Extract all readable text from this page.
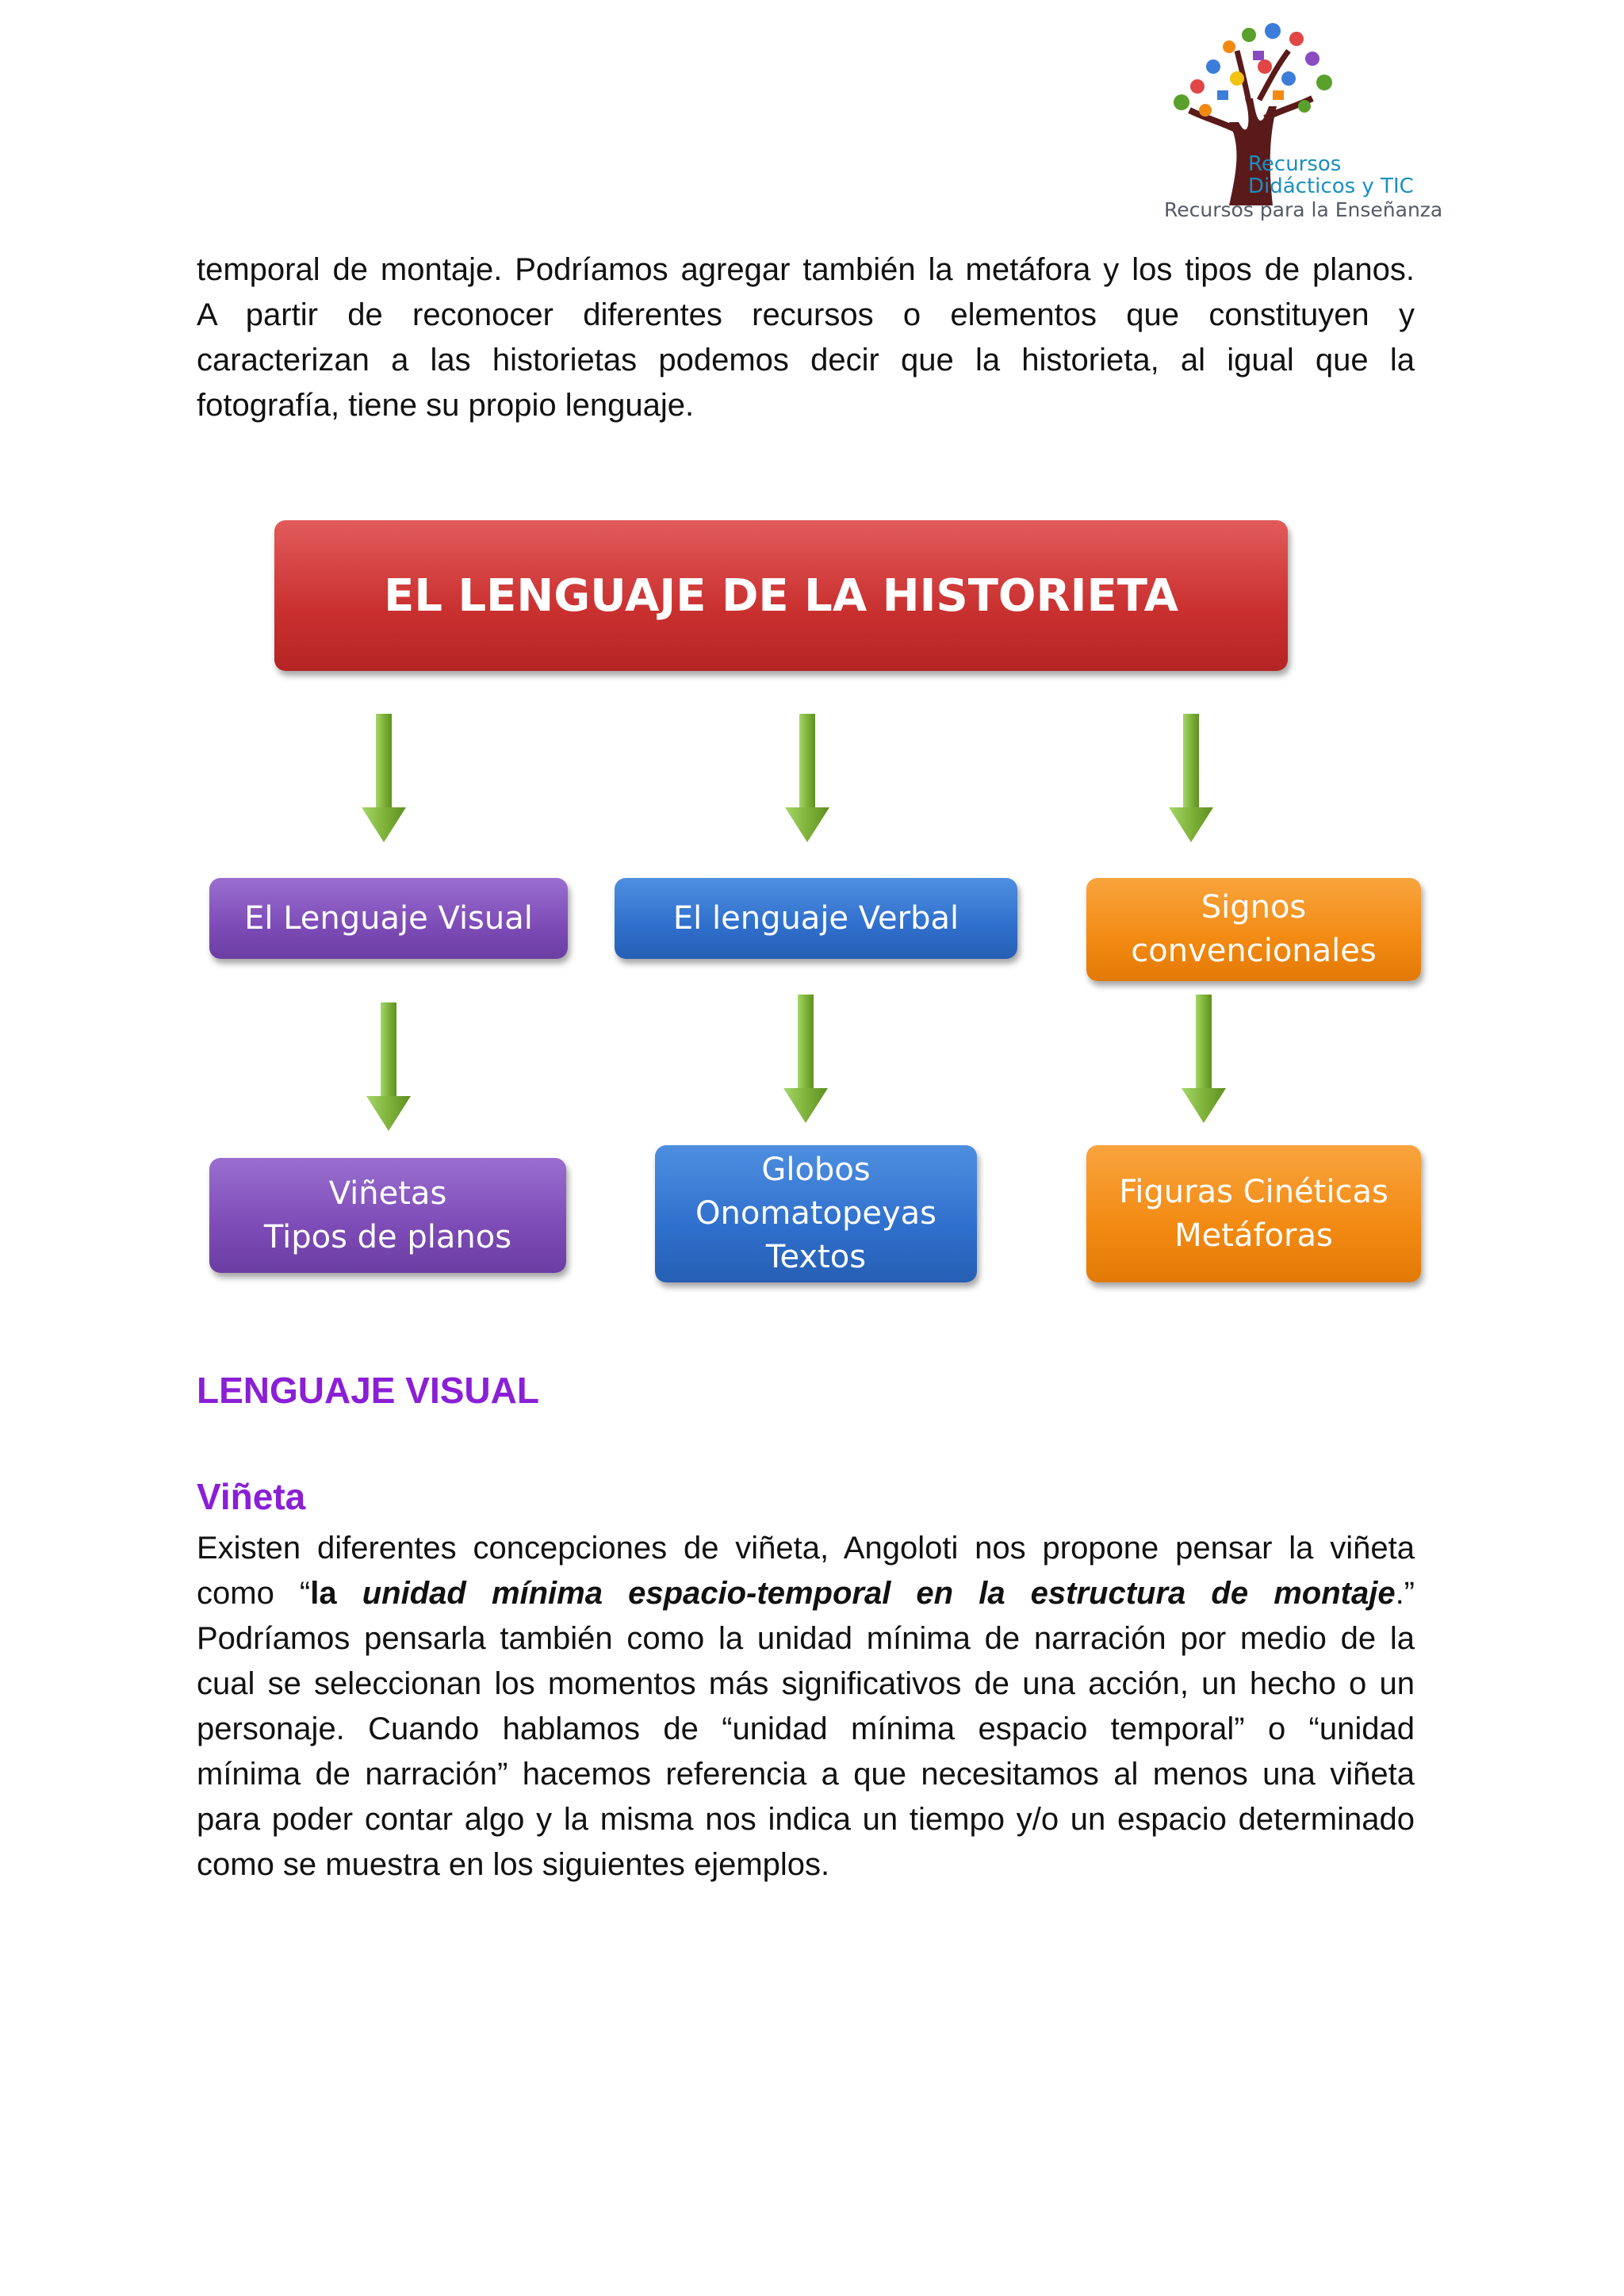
Recursos
Didácticos y TIC
Recursos para la Enseñanza
temporal de montaje. Podríamos agregar también la metáfora y los tipos de planos.
A partir de reconocer diferentes recursos o elementos que constituyen y
caracterizan a las historietas podemos decir que la historieta, al igual que la
fotografía, tiene su propio lenguaje.
EL LENGUAJE DE LA HISTORIETA
El Lenguaje Visual	El lenguaje Verbal	Signos
convencionales
Viñetas
Tipos de planos
Globos
Onomatopeyas
Textos
Figuras Cinéticas
Metáforas
LENGUAJE VISUAL
Viñeta
Existen diferentes concepciones de viñeta, Angoloti nos propone pensar la viñeta
como “la unidad mínima espacio-temporal en la estructura de montaje.”
Podríamos pensarla también como la unidad mínima de narración por medio de la
cual se seleccionan los momentos más significativos de una acción, un hecho o un
personaje. Cuando hablamos de “unidad mínima espacio temporal” o “unidad
mínima de narración” hacemos referencia a que necesitamos al menos una viñeta
para poder contar algo y la misma nos indica un tiempo y/o un espacio determinado
como se muestra en los siguientes ejemplos.
